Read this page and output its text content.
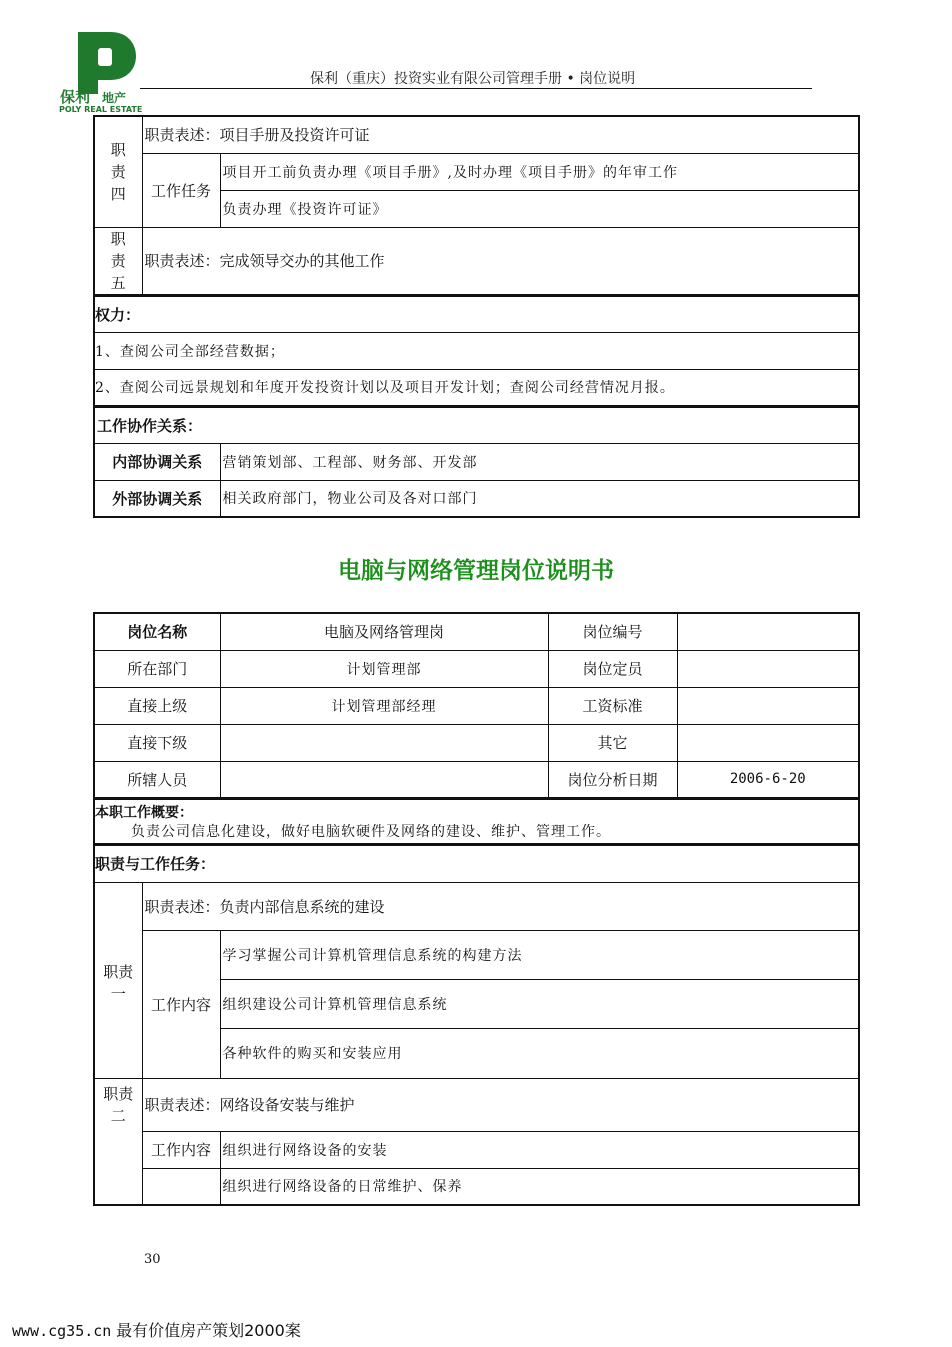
保利 地产
POLY REAL ESTATE
保利（重庆）投资实业有限公司管理手册 • 岗位说明
职
责
四	职责表述：项目手册及投资许可证	
	工作任务	项目开工前负责办理《项目手册》,及时办理《项目手册》的年审工作
		负责办理《投资许可证》
职
责
五	职责表述：完成领导交办的其他工作	
权力：		
1、查阅公司全部经营数据；		
2、查阅公司远景规划和年度开发投资计划以及项目开发计划；查阅公司经营情况月报。		
工作协作关系：		
内部协调关系		营销策划部、工程部、财务部、开发部
外部协调关系		相关政府部门，物业公司及各对口部门
电脑与网络管理岗位说明书
岗位名称		电脑及网络管理岗	岗位编号	
所在部门		计划管理部	岗位定员	
直接上级		计划管理部经理	工资标准	
直接下级			其它	
所辖人员			岗位分析日期	2006-6-20

本职工作概要：
负责公司信息化建设，做好电脑软硬件及网络的建设、维护、管理工作。				

职责与工作任务：				
职责
一	职责表述：负责内部信息系统的建设			
	工作内容	学习掌握公司计算机管理信息系统的构建方法		
		组织建设公司计算机管理信息系统		
		各种软件的购买和安装应用		
职责
二	职责表述：网络设备安装与维护			
	工作内容	组织进行网络设备的安装		
		组织进行网络设备的日常维护、保养		
30
www.cg35.cn 最有价值房产策划2000案
